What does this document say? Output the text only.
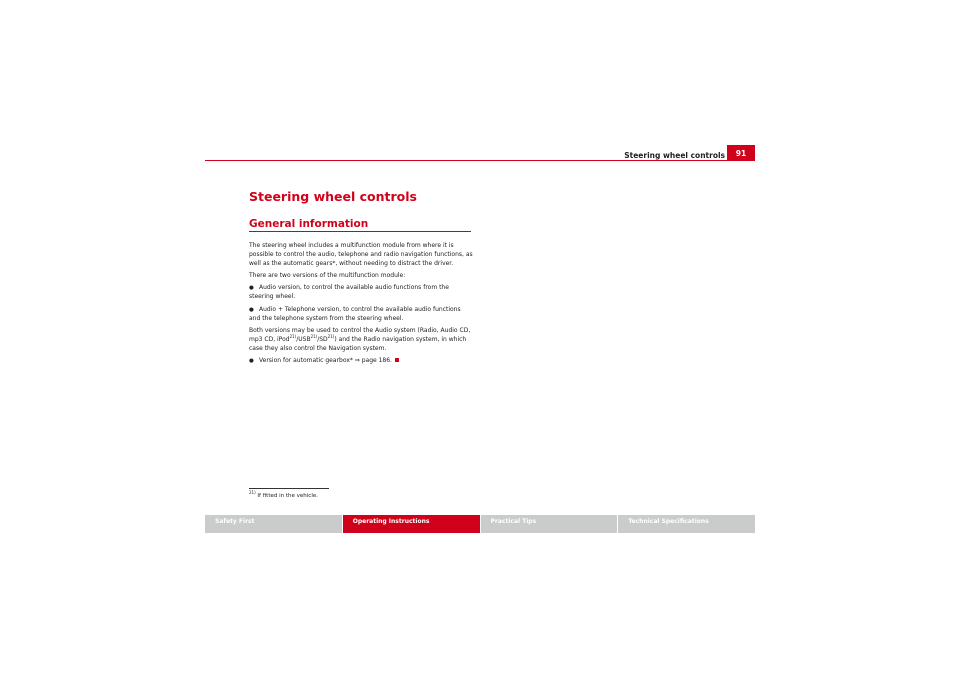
Steering wheel controls	91
Steering wheel controls
General information

The steering wheel includes a multifunction module from where it is possible to control the audio, telephone and radio navigation functions, as well as the automatic gears*, without needing to distract the driver.

There are two versions of the multifunction module:

● Audio version, to control the available audio functions from the steering wheel.

● Audio + Telephone version, to control the available audio functions and the telephone system from the steering wheel.

Both versions may be used to control the Audio system (Radio, Audio CD, mp3 CD, iPod$^{21)}$/USB$^{21)}$/SD$^{21)}$) and the Radio navigation system, in which case they also control the Navigation system.

● Version for automatic gearbox* ⇒ page 186.

$^{21)}$ If fitted in the vehicle.
Safety First	Operating Instructions	Practical Tips	Technical Specifications
